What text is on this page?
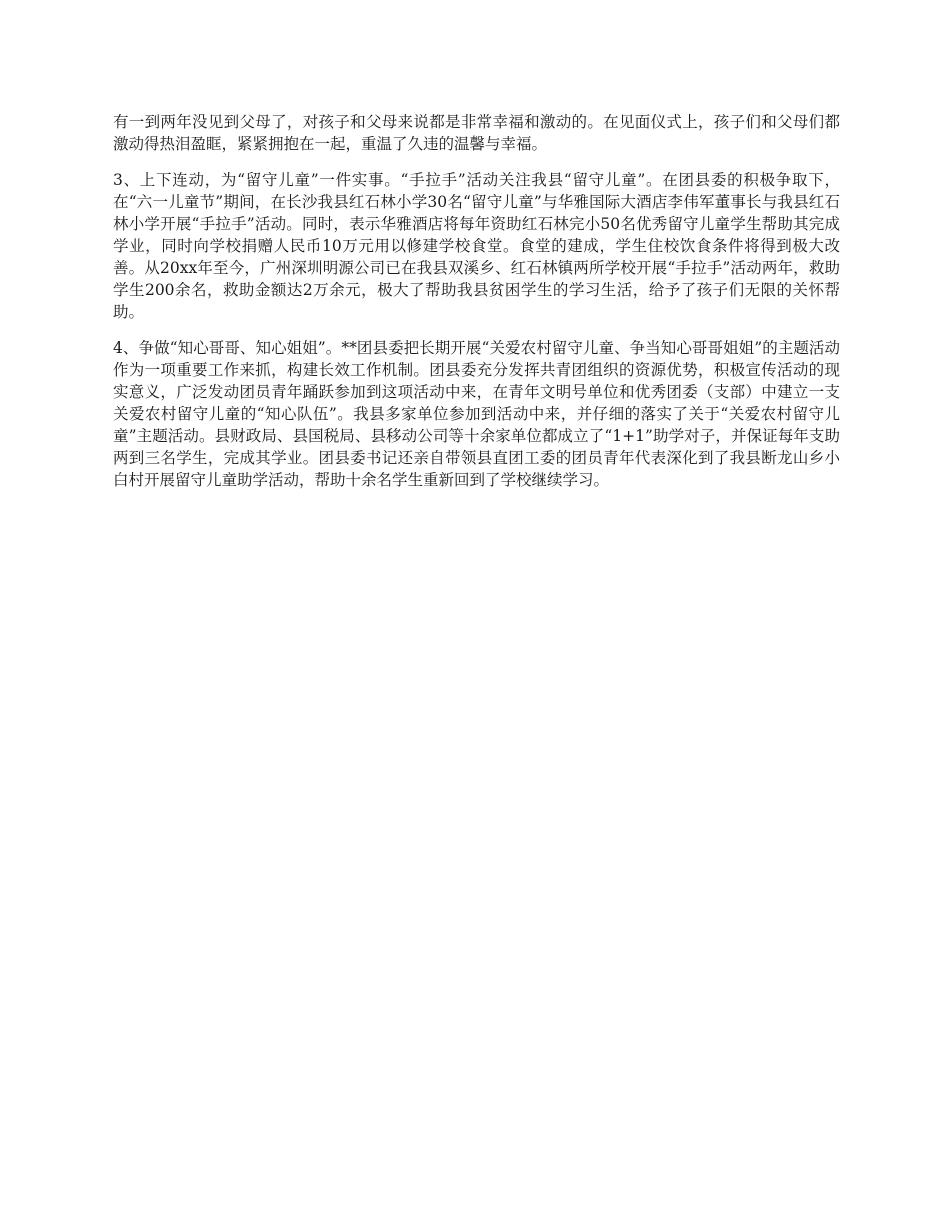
有一到两年没见到父母了，对孩子和父母来说都是非常幸福和激动的。在见面仪式上，孩子们和父母们都激动得热泪盈眶，紧紧拥抱在一起，重温了久违的温馨与幸福。

3、上下连动，为“留守儿童”一件实事。“手拉手”活动关注我县“留守儿童”。在团县委的积极争取下，在“六一儿童节”期间，在长沙我县红石林小学30名“留守儿童”与华雅国际大酒店李伟军董事长与我县红石林小学开展“手拉手”活动。同时，表示华雅酒店将每年资助红石林完小50名优秀留守儿童学生帮助其完成学业，同时向学校捐赠人民币10万元用以修建学校食堂。食堂的建成，学生住校饮食条件将得到极大改善。从20xx年至今，广州深圳明源公司已在我县双溪乡、红石林镇两所学校开展“手拉手”活动两年，救助学生200余名，救助金额达2万余元，极大了帮助我县贫困学生的学习生活，给予了孩子们无限的关怀帮助。

4、争做“知心哥哥、知心姐姐”。**团县委把长期开展“关爱农村留守儿童、争当知心哥哥姐姐”的主题活动作为一项重要工作来抓，构建长效工作机制。团县委充分发挥共青团组织的资源优势，积极宣传活动的现实意义，广泛发动团员青年踊跃参加到这项活动中来，在青年文明号单位和优秀团委（支部）中建立一支关爱农村留守儿童的“知心队伍”。我县多家单位参加到活动中来，并仔细的落实了关于“关爱农村留守儿童”主题活动。县财政局、县国税局、县移动公司等十余家单位都成立了“1+1”助学对子，并保证每年支助两到三名学生，完成其学业。团县委书记还亲自带领县直团工委的团员青年代表深化到了我县断龙山乡小白村开展留守儿童助学活动，帮助十余名学生重新回到了学校继续学习。
